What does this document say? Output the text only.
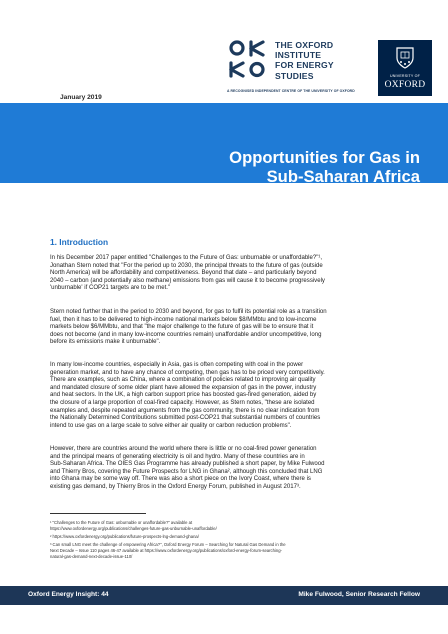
THE OXFORD
INSTITUTE
FOR ENERGY
STUDIES
A RECOGNISED INDEPENDENT CENTRE OF THE UNIVERSITY OF OXFORD
UNIVERSITY OF
OXFORD
January 2019
Opportunities for Gas in
Sub-Saharan Africa
1. Introduction
In his December 2017 paper entitled "Challenges to the Future of Gas: unburnable or unaffordable?"¹,
Jonathan Stern noted that "For the period up to 2030, the principal threats to the future of gas (outside
North America) will be affordability and competitiveness. Beyond that date – and particularly beyond
2040 – carbon (and potentially also methane) emissions from gas will cause it to become progressively
'unburnable' if COP21 targets are to be met."
Stern noted further that in the period to 2030 and beyond, for gas to fulfil its potential role as a transition
fuel, then it has to be delivered to high-income national markets below $8/MMbtu and to low-income
markets below $6/MMbtu, and that "the major challenge to the future of gas will be to ensure that it
does not become (and in many low-income countries remain) unaffordable and/or uncompetitive, long
before its emissions make it unburnable".
In many low-income countries, especially in Asia, gas is often competing with coal in the power
generation market, and to have any chance of competing, then gas has to be priced very competitively.
There are examples, such as China, where a combination of policies related to improving air quality
and mandated closure of some older plant have allowed the expansion of gas in the power, industry
and heat sectors. In the UK, a high carbon support price has boosted gas-fired generation, aided by
the closure of a large proportion of coal-fired capacity. However, as Stern notes, "these are isolated
examples and, despite repeated arguments from the gas community, there is no clear indication from
the Nationally Determined Contributions submitted post-COP21 that substantial numbers of countries
intend to use gas on a large scale to solve either air quality or carbon reduction problems".
However, there are countries around the world where there is little or no coal-fired power generation
and the principal means of generating electricity is oil and hydro. Many of these countries are in
Sub-Saharan Africa. The OIES Gas Programme has already published a short paper, by Mike Fulwood
and Thierry Bros, covering the Future Prospects for LNG in Ghana², although this concluded that LNG
into Ghana may be some way off. There was also a short piece on the Ivory Coast, where there is
existing gas demand, by Thierry Bros in the Oxford Energy Forum, published in August 2017³.
¹ "Challenges to the Future of Gas: unburnable or unaffordable?" available at
https://www.oxfordenergy.org/publications/challenges-future-gas-unburnable-unaffordable/
² https://www.oxfordenergy.org/publications/future-prospects-lng-demand-ghana/
³ Can small LNG meet the challenge of empowering Africa?", Oxford Energy Forum – Searching for Natural Gas Demand in the
Next Decade – Issue 110 pages 46-47 available at https://www.oxfordenergy.org/publications/oxford-energy-forum-searching-
natural-gas-demand-next-decade-issue-110/
Oxford Energy Insight: 44	Mike Fulwood, Senior Research Fellow
